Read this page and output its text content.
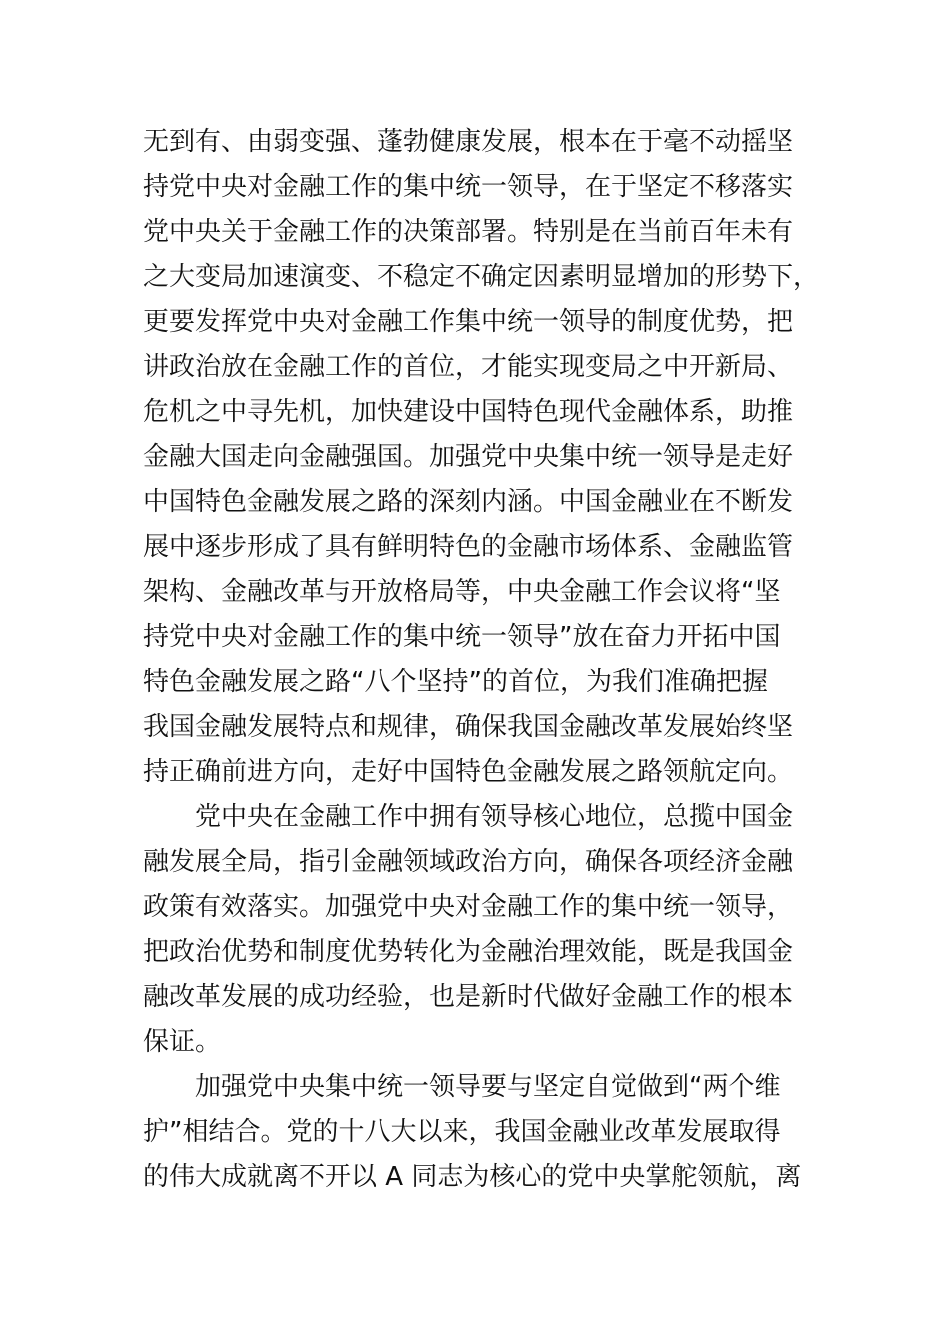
无到有、由弱变强、蓬勃健康发展，根本在于毫不动摇坚
持党中央对金融工作的集中统一领导，在于坚定不移落实
党中央关于金融工作的决策部署。特别是在当前百年未有
之大变局加速演变、不稳定不确定因素明显增加的形势下，
更要发挥党中央对金融工作集中统一领导的制度优势，把
讲政治放在金融工作的首位，才能实现变局之中开新局、
危机之中寻先机，加快建设中国特色现代金融体系，助推
金融大国走向金融强国。加强党中央集中统一领导是走好
中国特色金融发展之路的深刻内涵。中国金融业在不断发
展中逐步形成了具有鲜明特色的金融市场体系、金融监管
架构、金融改革与开放格局等，中央金融工作会议将“坚
持党中央对金融工作的集中统一领导”放在奋力开拓中国
特色金融发展之路“八个坚持”的首位，为我们准确把握
我国金融发展特点和规律，确保我国金融改革发展始终坚
持正确前进方向，走好中国特色金融发展之路领航定向。
党中央在金融工作中拥有领导核心地位，总揽中国金
融发展全局，指引金融领域政治方向，确保各项经济金融
政策有效落实。加强党中央对金融工作的集中统一领导，
把政治优势和制度优势转化为金融治理效能，既是我国金
融改革发展的成功经验，也是新时代做好金融工作的根本
保证。
加强党中央集中统一领导要与坚定自觉做到“两个维
护”相结合。党的十八大以来，我国金融业改革发展取得
的伟大成就离不开以 A 同志为核心的党中央掌舵领航，离
